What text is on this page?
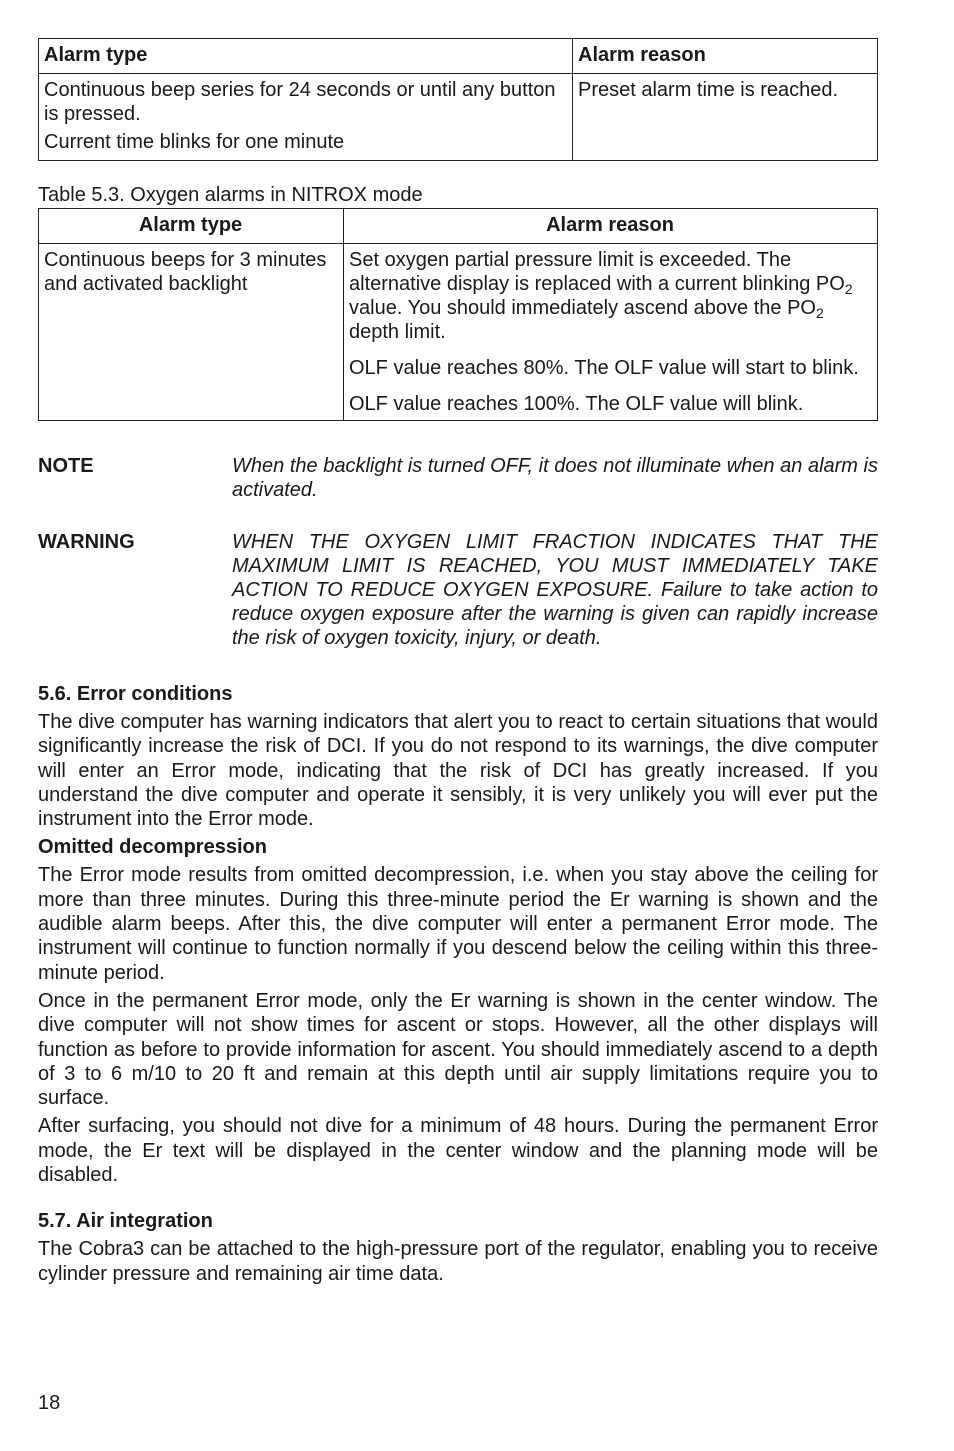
Alarm type	Alarm reason

Continuous beep series for 24 seconds or until any button is pressed.
Current time blinks for one minute	Preset alarm time is reached.
Table 5.3. Oxygen alarms in NITROX mode
Alarm type	Alarm reason
Continuous beeps for 3 minutes and activated backlight	Set oxygen partial pressure limit is exceeded. The alternative display is replaced with a current blinking $PO_2$ value. You should immediately ascend above the $PO_2$ depth limit.
OLF value reaches 80%. The OLF value will start to blink.
OLF value reaches 100%. The OLF value will blink.
NOTE	When the backlight is turned OFF, it does not illuminate when an alarm is activated.
WARNING	WHEN THE OXYGEN LIMIT FRACTION INDICATES THAT THE MAXIMUM LIMIT IS REACHED, YOU MUST IMMEDIATELY TAKE ACTION TO REDUCE OXYGEN EXPOSURE. Failure to take action to reduce oxygen exposure after the warning is given can rapidly increase the risk of oxygen toxicity, injury, or death.
5.6. Error conditions

The dive computer has warning indicators that alert you to react to certain situations that would significantly increase the risk of DCI. If you do not respond to its warnings, the dive computer will enter an Error mode, indicating that the risk of DCI has greatly increased. If you understand the dive computer and operate it sensibly, it is very unlikely you will ever put the instrument into the Error mode.

Omitted decompression

The Error mode results from omitted decompression, i.e. when you stay above the ceiling for more than three minutes. During this three-minute period the Er warning is shown and the audible alarm beeps. After this, the dive computer will enter a permanent Error mode. The instrument will continue to function normally if you descend below the ceiling within this three-minute period.

Once in the permanent Error mode, only the Er warning is shown in the center window. The dive computer will not show times for ascent or stops. However, all the other displays will function as before to provide information for ascent. You should immediately ascend to a depth of 3 to 6 m/10 to 20 ft and remain at this depth until air supply limitations require you to surface.

After surfacing, you should not dive for a minimum of 48 hours. During the permanent Error mode, the Er text will be displayed in the center window and the planning mode will be disabled.

5.7. Air integration

The Cobra3 can be attached to the high-pressure port of the regulator, enabling you to receive cylinder pressure and remaining air time data.

18
